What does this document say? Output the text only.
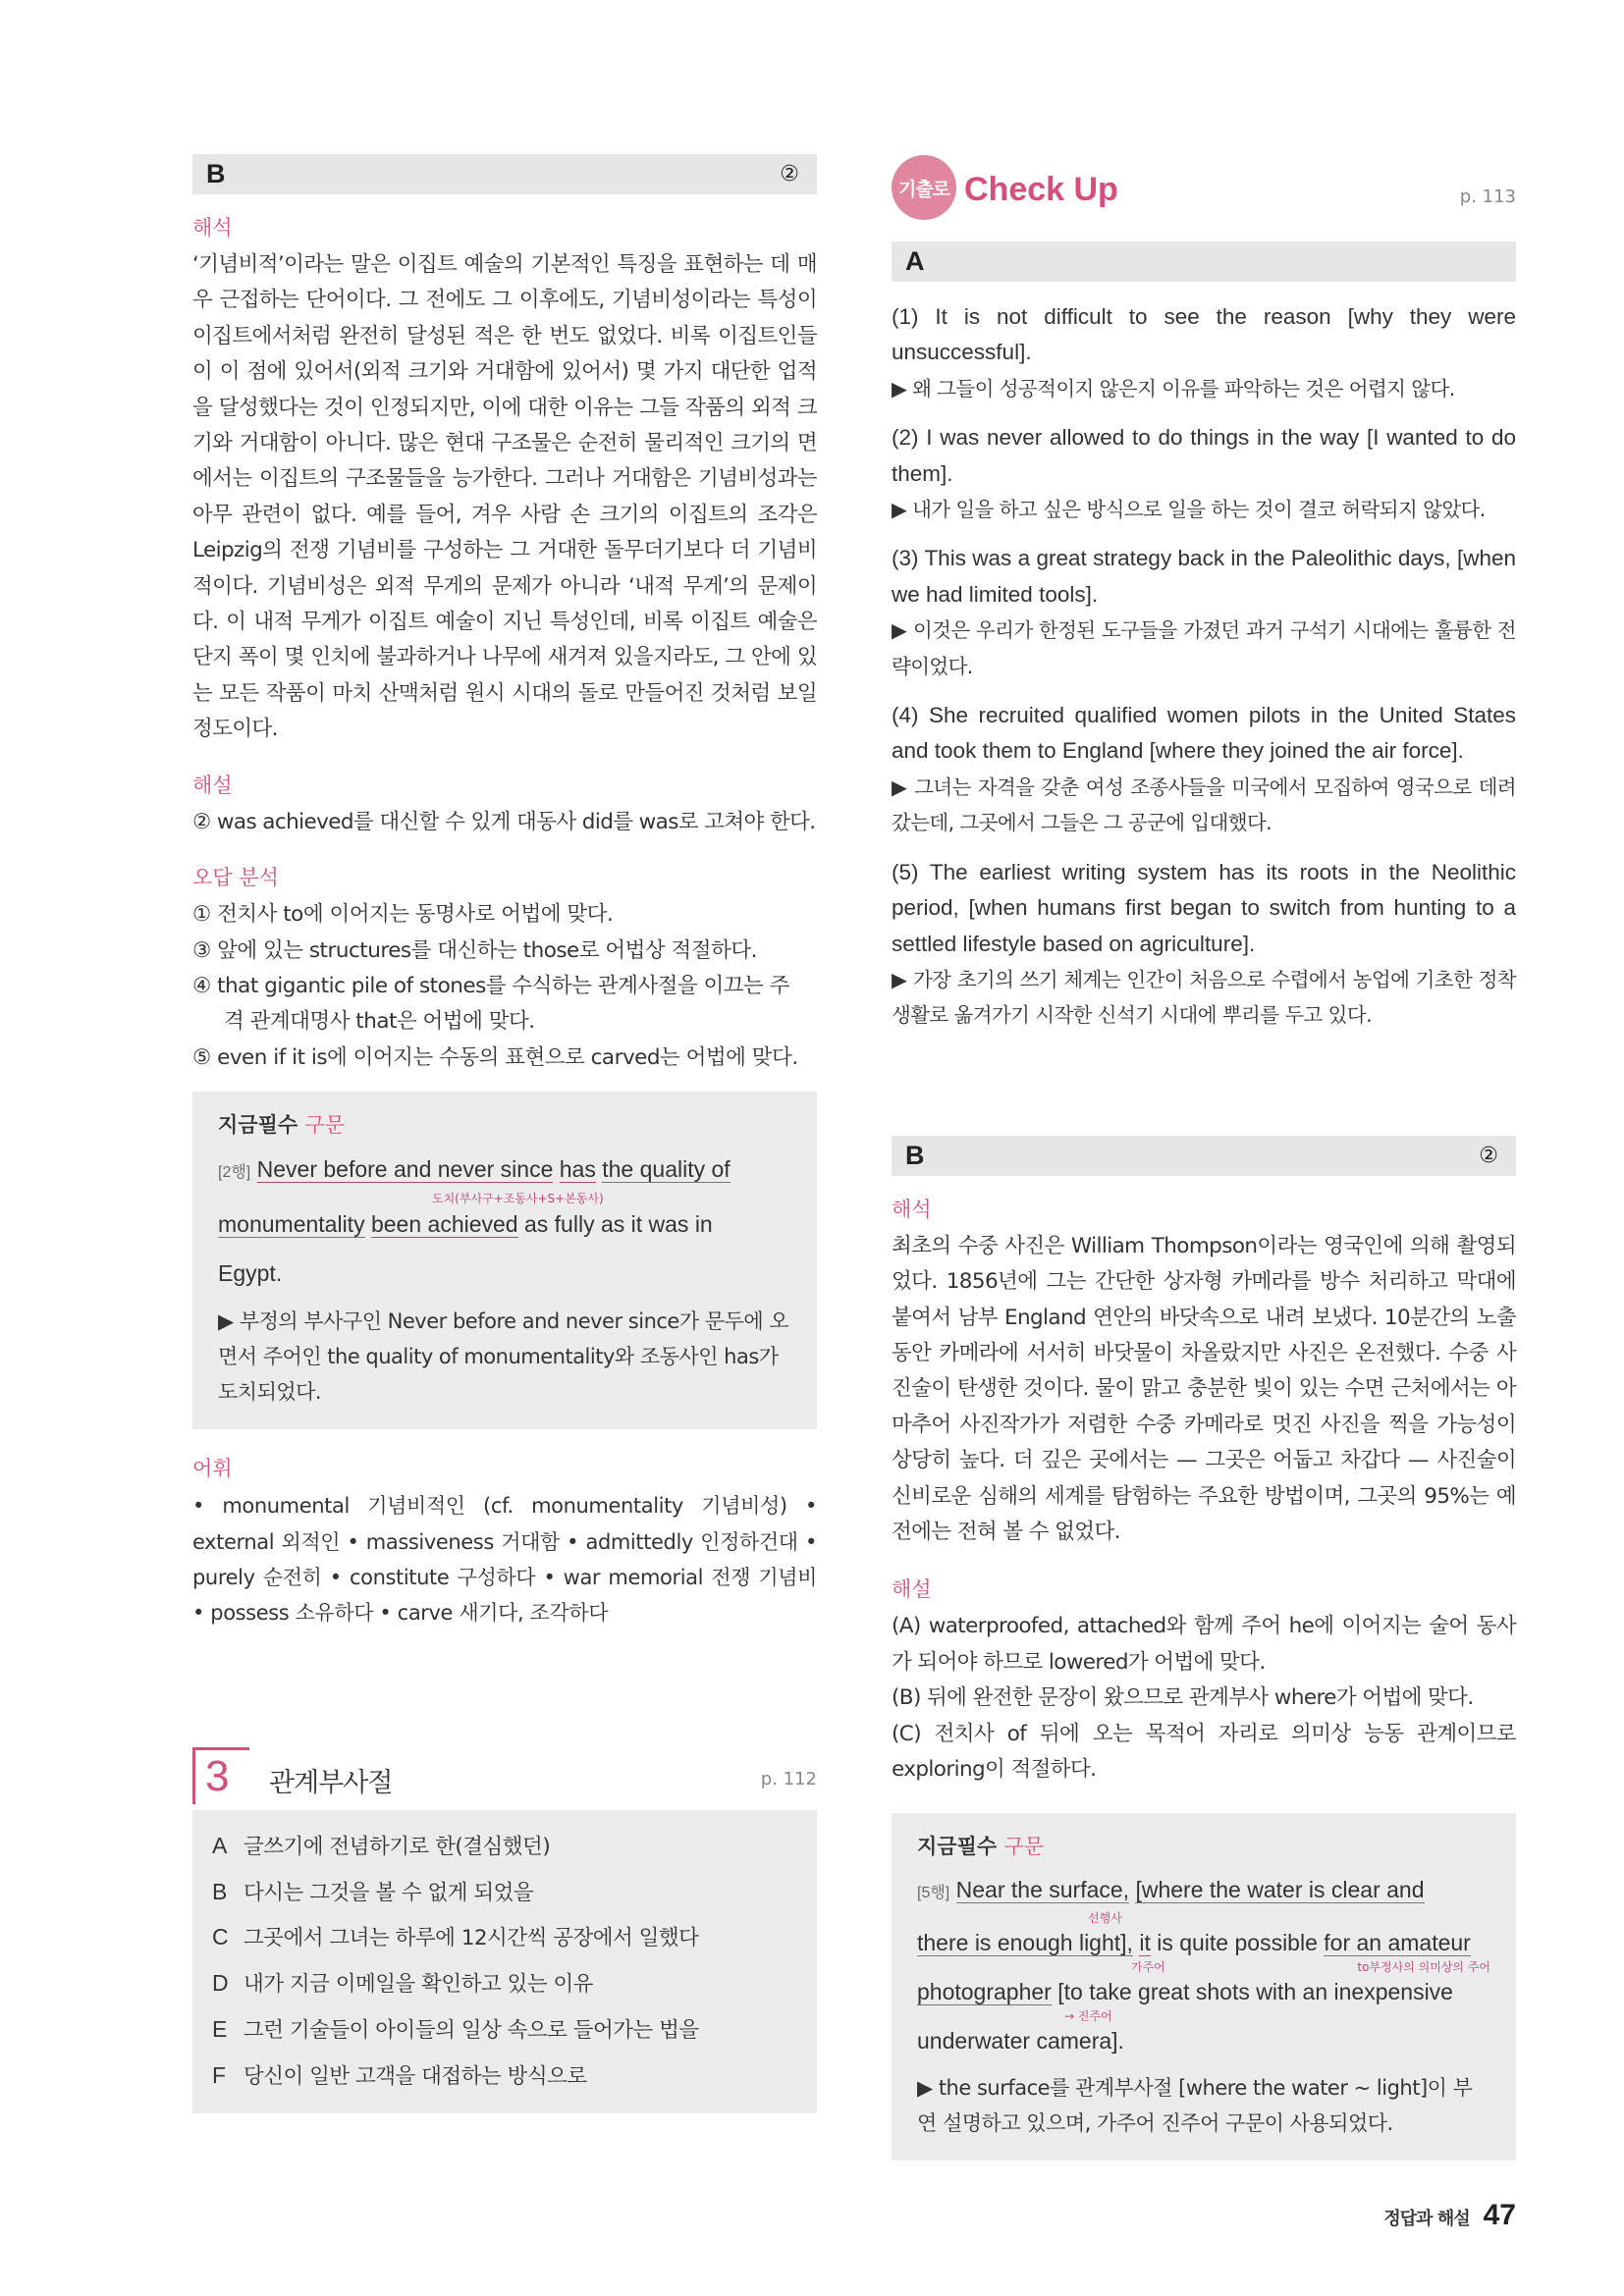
B	②
해석
‘기념비적’이라는 말은 이집트 예술의 기본적인 특징을 표현하는 데 매우 근접하는 단어이다. 그 전에도 그 이후에도, 기념비성이라는 특성이 이집트에서처럼 완전히 달성된 적은 한 번도 없었다. 비록 이집트인들이 이 점에 있어서(외적 크기와 거대함에 있어서) 몇 가지 대단한 업적을 달성했다는 것이 인정되지만, 이에 대한 이유는 그들 작품의 외적 크기와 거대함이 아니다. 많은 현대 구조물은 순전히 물리적인 크기의 면에서는 이집트의 구조물들을 능가한다. 그러나 거대함은 기념비성과는 아무 관련이 없다. 예를 들어, 겨우 사람 손 크기의 이집트의 조각은 Leipzig의 전쟁 기념비를 구성하는 그 거대한 돌무더기보다 더 기념비적이다. 기념비성은 외적 무게의 문제가 아니라 ‘내적 무게’의 문제이다. 이 내적 무게가 이집트 예술이 지닌 특성인데, 비록 이집트 예술은 단지 폭이 몇 인치에 불과하거나 나무에 새겨져 있을지라도, 그 안에 있는 모든 작품이 마치 산맥처럼 원시 시대의 돌로 만들어진 것처럼 보일 정도이다.
해설
② was achieved를 대신할 수 있게 대동사 did를 was로 고쳐야 한다.
오답 분석
① 전치사 to에 이어지는 동명사로 어법에 맞다.
③ 앞에 있는 structures를 대신하는 those로 어법상 적절하다.
④ that gigantic pile of stones를 수식하는 관계사절을 이끄는 주
격 관계대명사 that은 어법에 맞다.
⑤ even if it is에 이어지는 수동의 표현으로 carved는 어법에 맞다.
지금필수 구문
[2행] Never before and never since has the quality of
도치(부사구+조동사+S+본동사)
monumentality been achieved as fully as it was in
Egypt.
▶ 부정의 부사구인 Never before and never since가 문두에 오면서 주어인 the quality of monumentality와 조동사인 has가 도치되었다.
어휘
• monumental 기념비적인 (cf. monumentality 기념비성) • external 외적인 • massiveness 거대함 • admittedly 인정하건대 • purely 순전히 • constitute 구성하다 • war memorial 전쟁 기념비 • possess 소유하다 • carve 새기다, 조각하다
3 관계부사절	p. 112
A 글쓰기에 전념하기로 한(결심했던)
B 다시는 그것을 볼 수 없게 되었을
C 그곳에서 그녀는 하루에 12시간씩 공장에서 일했다
D 내가 지금 이메일을 확인하고 있는 이유
E 그런 기술들이 아이들의 일상 속으로 들어가는 법을
F 당신이 일반 고객을 대접하는 방식으로
기출로 Check Up	p. 113
A
(1) It is not difficult to see the reason [why they were unsuccessful].
▶ 왜 그들이 성공적이지 않은지 이유를 파악하는 것은 어렵지 않다.
(2) I was never allowed to do things in the way [I wanted to do them].
▶ 내가 일을 하고 싶은 방식으로 일을 하는 것이 결코 허락되지 않았다.
(3) This was a great strategy back in the Paleolithic days, [when we had limited tools].
▶ 이것은 우리가 한정된 도구들을 가졌던 과거 구석기 시대에는 훌륭한 전략이었다.
(4) She recruited qualified women pilots in the United States and took them to England [where they joined the air force].
▶ 그녀는 자격을 갖춘 여성 조종사들을 미국에서 모집하여 영국으로 데려갔는데, 그곳에서 그들은 그 공군에 입대했다.
(5) The earliest writing system has its roots in the Neolithic period, [when humans first began to switch from hunting to a settled lifestyle based on agriculture].
▶ 가장 초기의 쓰기 체계는 인간이 처음으로 수렵에서 농업에 기초한 정착 생활로 옮겨가기 시작한 신석기 시대에 뿌리를 두고 있다.
B	②
해석
최초의 수중 사진은 William Thompson이라는 영국인에 의해 촬영되었다. 1856년에 그는 간단한 상자형 카메라를 방수 처리하고 막대에 붙여서 남부 England 연안의 바닷속으로 내려 보냈다. 10분간의 노출 동안 카메라에 서서히 바닷물이 차올랐지만 사진은 온전했다. 수중 사진술이 탄생한 것이다. 물이 맑고 충분한 빛이 있는 수면 근처에서는 아마추어 사진작가가 저렴한 수중 카메라로 멋진 사진을 찍을 가능성이 상당히 높다. 더 깊은 곳에서는 — 그곳은 어둡고 차갑다 — 사진술이 신비로운 심해의 세계를 탐험하는 주요한 방법이며, 그곳의 95%는 예전에는 전혀 볼 수 없었다.
해설
(A) waterproofed, attached와 함께 주어 he에 이어지는 술어 동사가 되어야 하므로 lowered가 어법에 맞다.
(B) 뒤에 완전한 문장이 왔으므로 관계부사 where가 어법에 맞다.
(C) 전치사 of 뒤에 오는 목적어 자리로 의미상 능동 관계이므로 exploring이 적절하다.
지금필수 구문
[5행] Near the surface, [where the water is clear and
선행사
there is enough light], it is quite possible for an amateur
가주어	to부정사의 의미상의 주어
photographer [to take great shots with an inexpensive
→ 진주어
underwater camera].
▶ the surface를 관계부사절 [where the water ~ light]이 부연 설명하고 있으며, 가주어 진주어 구문이 사용되었다.
정답과 해설 47
